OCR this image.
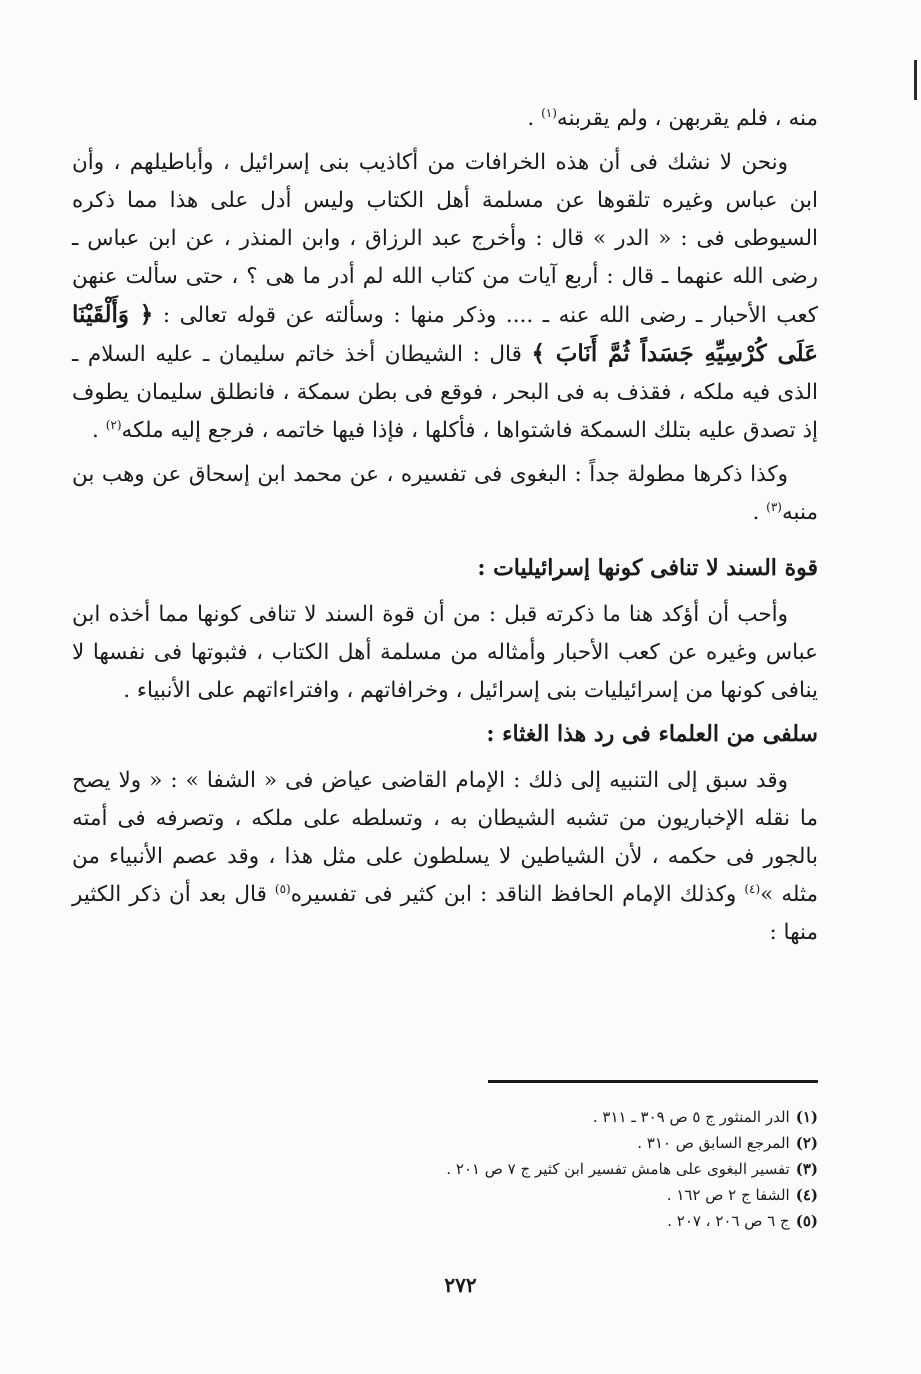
منه ، فلم يقربهن ، ولم يقربنه$^{(١)}$ .

ونحن لا نشك فى أن هذه الخرافات من أكاذيب بنى إسرائيل ، وأباطيلهم ، وأن ابن عباس وغيره تلقوها عن مسلمة أهل الكتاب وليس أدل على هذا مما ذكره السيوطى فى : « الدر » قال : وأخرج عبد الرزاق ، وابن المنذر ، عن ابن عباس ـ رضى الله عنهما ـ قال : أربع آيات من كتاب الله لم أدر ما هى ؟ ، حتى سألت عنهن كعب الأحبار ـ رضى الله عنه ـ .... وذكر منها : وسألته عن قوله تعالى : ﴿ وَأَلْقَيْنَا عَلَى كُرْسِيِّهِ جَسَداً ثُمَّ أَنَابَ ﴾ قال : الشيطان أخذ خاتم سليمان ـ عليه السلام ـ الذى فيه ملكه ، فقذف به فى البحر ، فوقع فى بطن سمكة ، فانطلق سليمان يطوف إذ تصدق عليه بتلك السمكة فاشتواها ، فأكلها ، فإذا فيها خاتمه ، فرجع إليه ملكه$^{(٢)}$ .

وكذا ذكرها مطولة جداً : البغوى فى تفسيره ، عن محمد ابن إسحاق عن وهب بن منبه$^{(٣)}$ .

قوة السند لا تنافى كونها إسرائيليات :

وأحب أن أؤكد هنا ما ذكرته قبل : من أن قوة السند لا تنافى كونها مما أخذه ابن عباس وغيره عن كعب الأحبار وأمثاله من مسلمة أهل الكتاب ، فثبوتها فى نفسها لا ينافى كونها من إسرائيليات بنى إسرائيل ، وخرافاتهم ، وافتراءاتهم على الأنبياء .

سلفى من العلماء فى رد هذا الغثاء :

وقد سبق إلى التنبيه إلى ذلك : الإمام القاضى عياض فى « الشفا » : « ولا يصح ما نقله الإخباريون من تشبه الشيطان به ، وتسلطه على ملكه ، وتصرفه فى أمته بالجور فى حكمه ، لأن الشياطين لا يسلطون على مثل هذا ، وقد عصم الأنبياء من مثله »$^{(٤)}$ وكذلك الإمام الحافظ الناقد : ابن كثير فى تفسيره$^{(٥)}$ قال بعد أن ذكر الكثير منها :

(١)الدر المنثور ج ٥ ص ٣٠٩ ـ ٣١١ .
(٢)المرجع السابق ص ٣١٠ .
(٣)تفسير البغوى على هامش تفسير ابن كثير ج ٧ ص ٢٠١ .
(٤)الشفا ج ٢ ص ١٦٢ .
(٥)ج ٦ ص ٢٠٦ ، ٢٠٧ .
٢٧٢
